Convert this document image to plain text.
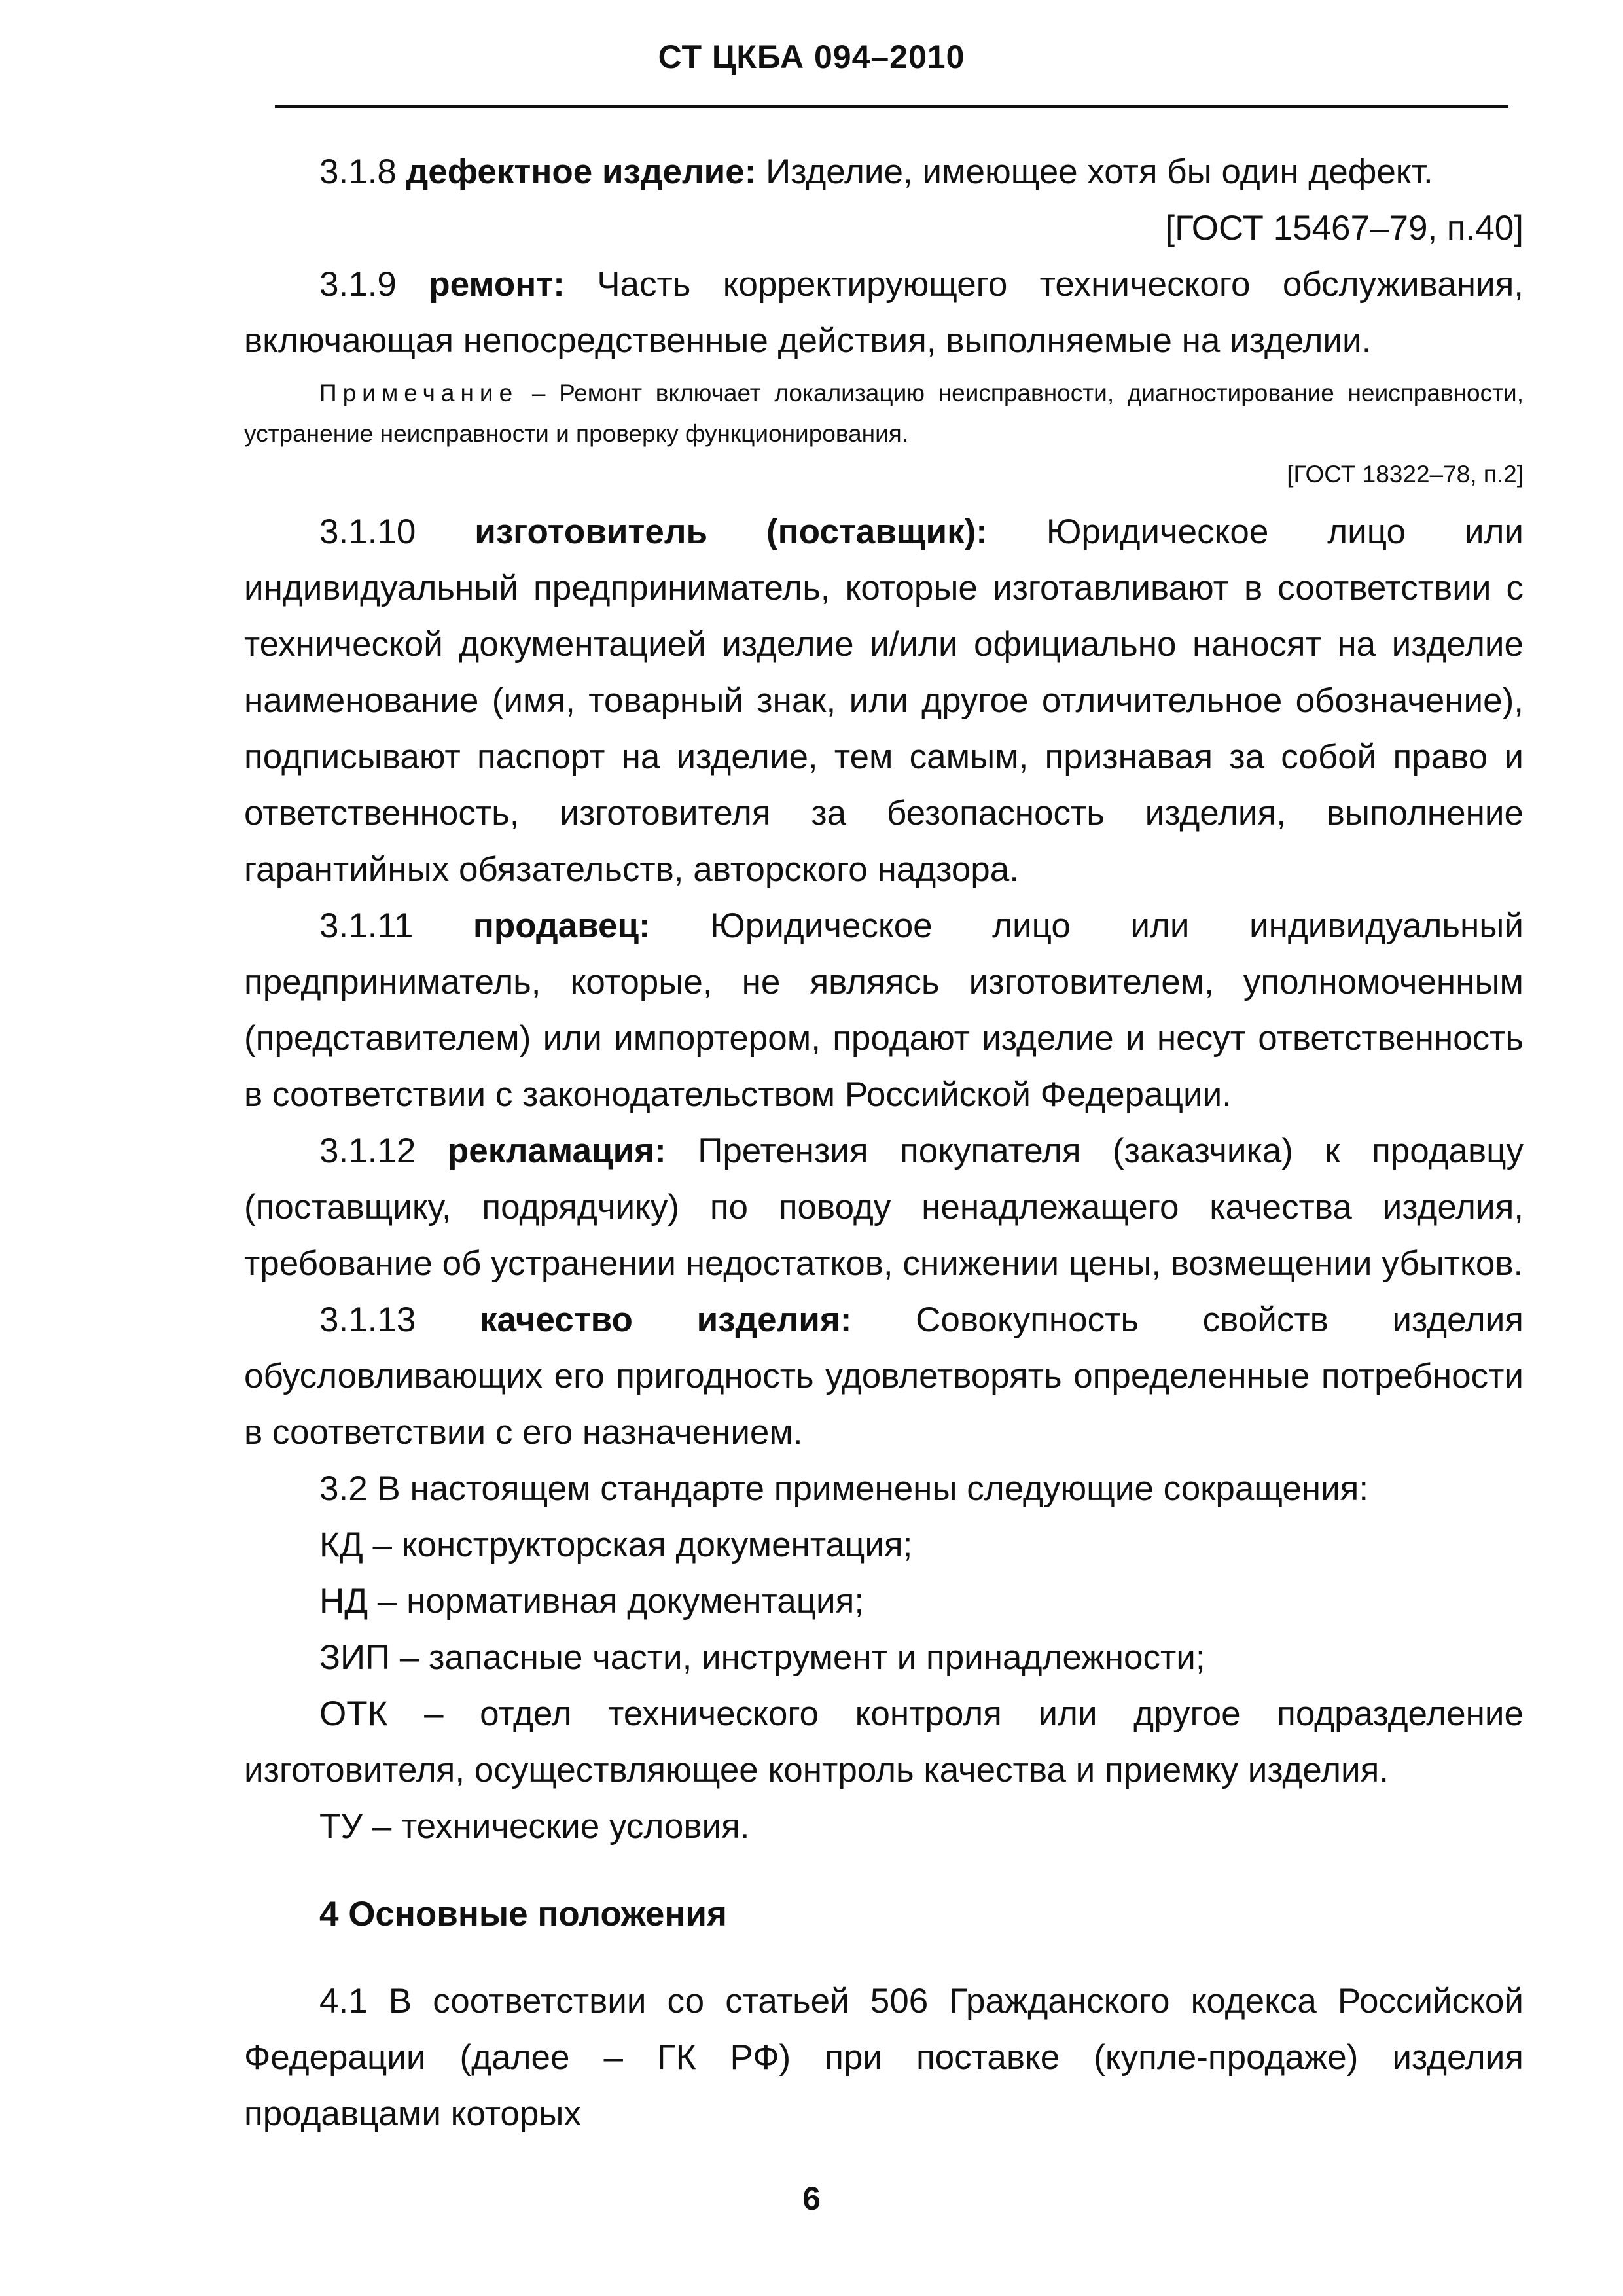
СТ ЦКБА 094–2010

3.1.8 дефектное изделие: Изделие, имеющее хотя бы один дефект.

[ГОСТ 15467–79, п.40]

3.1.9 ремонт: Часть корректирующего технического обслуживания, включающая непосредственные действия, выполняемые на изделии.

Примечание – Ремонт включает локализацию неисправности, диагностирование неисправности, устранение неисправности и проверку функционирования.

[ГОСТ 18322–78, п.2]

3.1.10 изготовитель (поставщик): Юридическое лицо или индивидуальный предприниматель, которые изготавливают в соответствии с технической документацией изделие и/или официально наносят на изделие наименование (имя, товарный знак, или другое отличительное обозначение), подписывают паспорт на изделие, тем самым, признавая за собой право и ответственность, изготовителя за безопасность изделия, выполнение гарантийных обязательств, авторского надзора.

3.1.11 продавец: Юридическое лицо или индивидуальный предприниматель, которые, не являясь изготовителем, уполномоченным (представителем) или импортером, продают изделие и несут ответственность в соответствии с законодательством Российской Федерации.

3.1.12 рекламация: Претензия покупателя (заказчика) к продавцу (поставщику, подрядчику) по поводу ненадлежащего качества изделия, требование об устранении недостатков, снижении цены, возмещении убытков.

3.1.13 качество изделия: Совокупность свойств изделия обусловливающих его пригодность удовлетворять определенные потребности в соответствии с его назначением.

3.2 В настоящем стандарте применены следующие сокращения:

КД – конструкторская документация;

НД – нормативная документация;

ЗИП – запасные части, инструмент и принадлежности;

ОТК – отдел технического контроля или другое подразделение изготовителя, осуществляющее контроль качества и приемку изделия.

ТУ – технические условия.

4 Основные положения

4.1 В соответствии со статьей 506 Гражданского кодекса Российской Федерации (далее – ГК РФ) при поставке (купле-продаже) изделия продавцами которых

6
